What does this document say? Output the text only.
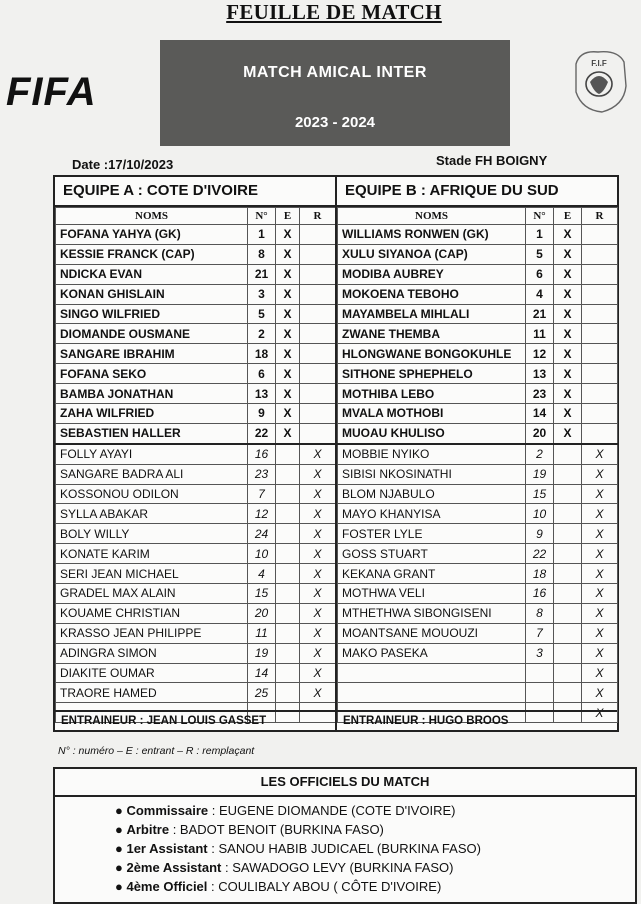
FEUILLE DE MATCH
FIFA	MATCH AMICAL INTER
2023 - 2024
F.I.F
Date :17/10/2023	Stade FH BOIGNY
EQUIPE A : COTE D'IVOIRE
NOMS	N°	E	R
FOFANA YAHYA (GK)	1	X	
KESSIE FRANCK (CAP)	8	X	
NDICKA EVAN	21	X	
KONAN GHISLAIN	3	X	
SINGO WILFRIED	5	X	
DIOMANDE OUSMANE	2	X	
SANGARE IBRAHIM	18	X	
FOFANA SEKO	6	X	
BAMBA JONATHAN	13	X	
ZAHA WILFRIED	9	X	
SEBASTIEN HALLER	22	X	
FOLLY AYAYI	16		X
SANGARE BADRA ALI	23		X
KOSSONOU ODILON	7		X
SYLLA ABAKAR	12		X
BOLY WILLY	24		X
KONATE KARIM	10		X
SERI JEAN MICHAEL	4		X
GRADEL MAX ALAIN	15		X
KOUAME CHRISTIAN	20		X
KRASSO JEAN PHILIPPE	11		X
ADINGRA SIMON	19		X
DIAKITE OUMAR	14		X
TRAORE HAMED	25		X

ENTRAINEUR : JEAN LOUIS GASSET
EQUIPE B : AFRIQUE DU SUD
NOMS	N°	E	R
WILLIAMS RONWEN (GK)	1	X	
XULU SIYANOA (CAP)	5	X	
MODIBA AUBREY	6	X	
MOKOENA TEBOHO	4	X	
MAYAMBELA MIHLALI	21	X	
ZWANE THEMBA	11	X	
HLONGWANE BONGOKUHLE	12	X	
SITHONE SPHEPHELO	13	X	
MOTHIBA LEBO	23	X	
MVALA MOTHOBI	14	X	
MUOAU KHULISO	20	X	
MOBBIE NYIKO	2		X
SIBISI NKOSINATHI	19		X
BLOM NJABULO	15		X
MAYO KHANYISA	10		X
FOSTER LYLE	9		X
GOSS STUART	22		X
KEKANA GRANT	18		X
MOTHWA VELI	16		X
MTHETHWA SIBONGISENI	8		X
MOANTSANE MOUOUZI	7		X
MAKO PASEKA	3		X
			X
			X
			X
ENTRAINEUR : HUGO BROOS
N° : numéro – E : entrant – R : remplaçant
LES OFFICIELS DU MATCH
● Commissaire : EUGENE DIOMANDE (COTE D'IVOIRE)
● Arbitre : BADOT BENOIT (BURKINA FASO)
● 1er Assistant : SANOU HABIB JUDICAEL (BURKINA FASO)
● 2ème Assistant : SAWADOGO LEVY (BURKINA FASO)
● 4ème Officiel : COULIBALY ABOU ( CÔTE D'IVOIRE)
